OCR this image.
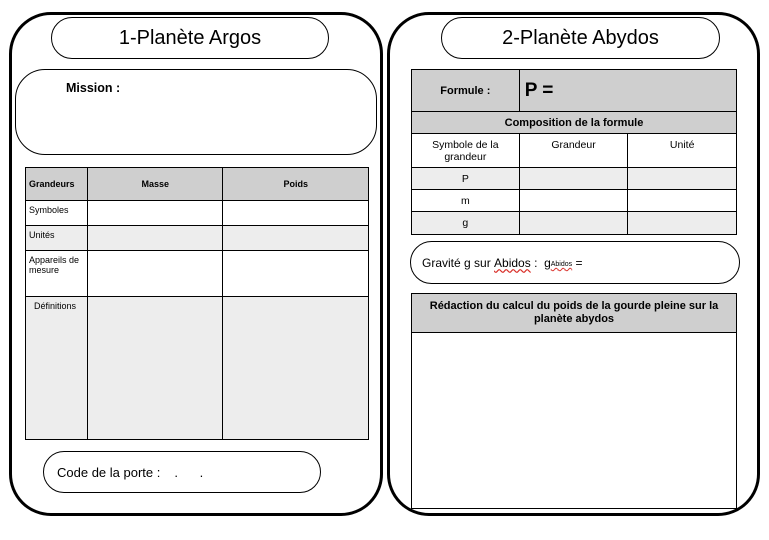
1-Planète Argos
Mission :
Grandeurs	Masse	Poids
Symboles		
Unités		
Appareils de mesure		
Définitions		
Code de la porte : .      .
2-Planète Abydos
Formule :	P =	
Composition de la formule		
Symbole de la grandeur	Grandeur	Unité
P		
m		
g		
Gravité g sur Abidos :  g Abidos =
Rédaction du calcul du poids de la gourde pleine sur la planète abydos
